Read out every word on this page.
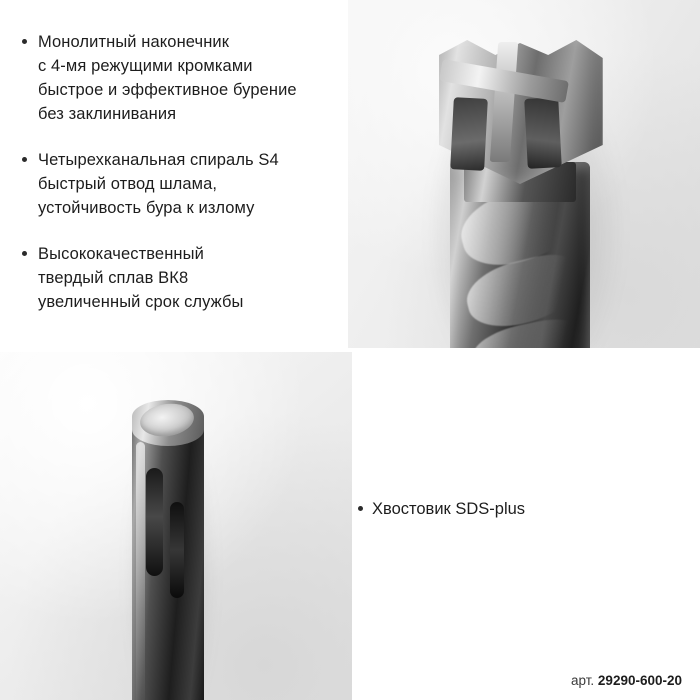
Монолитный наконечник
с 4-мя режущими кромками
быстрое и эффективное бурение
без заклинивания
Четырехканальная спираль S4
быстрый отвод шлама,
устойчивость бура к излому
Высококачественный
твердый сплав ВК8
увеличенный срок службы
Хвостовик SDS-plus
арт. 29290-600-20
